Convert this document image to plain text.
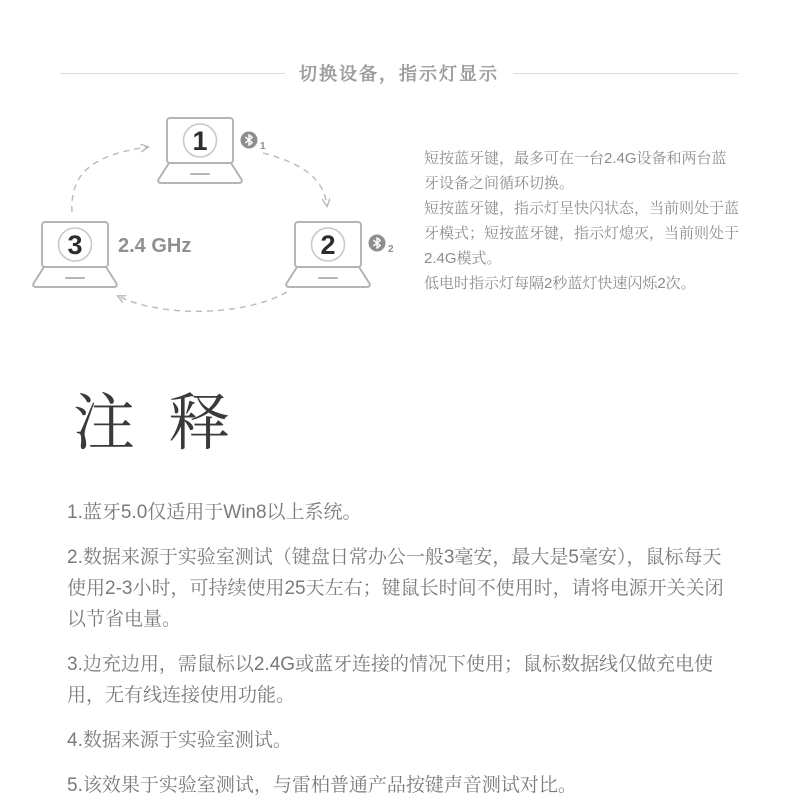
切换设备，指示灯显示
1	1
2	2
3 2.4 GHz

短按蓝牙键，最多可在一台2.4G设备和两台蓝牙设备之间循环切换。

短按蓝牙键，指示灯呈快闪状态，当前则处于蓝牙模式；短按蓝牙键，指示灯熄灭，当前则处于2.4G模式。

低电时指示灯每隔2秒蓝灯快速闪烁2次。

注 释

1.蓝牙5.0仅适用于Win8以上系统。

2.数据来源于实验室测试（键盘日常办公一般3毫安，最大是5毫安），鼠标每天使用2-3小时，可持续使用25天左右；键鼠长时间不使用时，请将电源开关关闭以节省电量。

3.边充边用，需鼠标以2.4G或蓝牙连接的情况下使用；鼠标数据线仅做充电使用，无有线连接使用功能。

4.数据来源于实验室测试。

5.该效果于实验室测试，与雷柏普通产品按键声音测试对比。
